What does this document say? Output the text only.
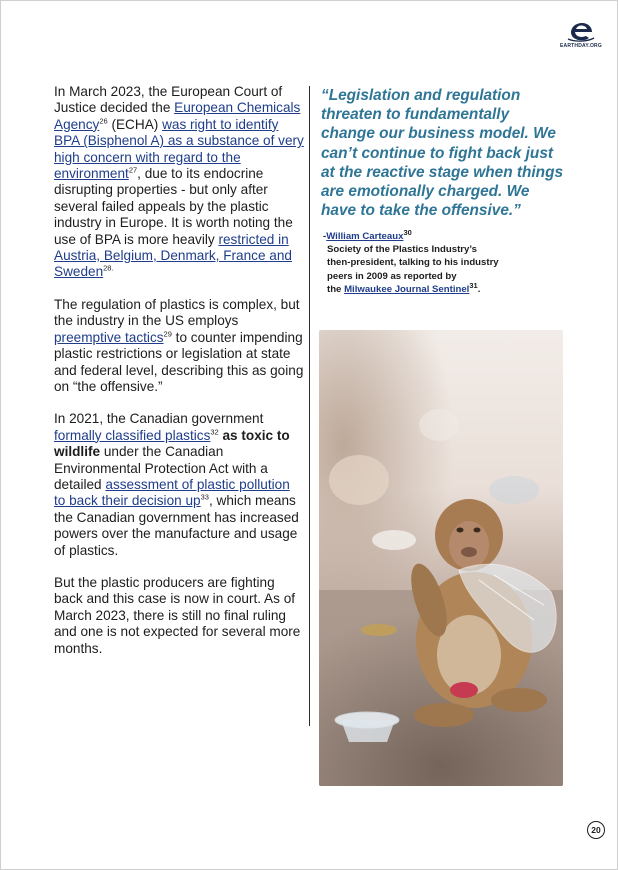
EARTHDAY.ORG

In March 2023, the European Court of Justice decided the European Chemicals Agency$^{26}$ (ECHA) was right to identify BPA (Bisphenol A) as a substance of very high concern with regard to the environment$^{27}$, due to its endocrine disrupting properties - but only after several failed appeals by the plastic industry in Europe. It is worth noting the use of BPA is more heavily restricted in Austria, Belgium, Denmark, France and Sweden$^{28.}$

The regulation of plastics is complex, but the industry in the US employs preemptive tactics$^{29}$ to counter impending plastic restrictions or legislation at state and federal level, describing this as going on “the offensive.”

In 2021, the Canadian government formally classified plastics$^{32}$ as toxic to wildlife under the Canadian Environmental Protection Act with a detailed assessment of plastic pollution to back their decision $up^{33}$, which means the Canadian government has increased powers over the manufacture and usage of plastics.

But the plastic producers are fighting back and this case is now in court. As of March 2023, there is still no final ruling and one is not expected for several more months.

“Legislation and regulation threaten to fundamentally change our business model. We can’t continue to fight back just at the reactive stage when things are emotionally charged. We have to take the offensive.”
-William Carteaux$^{30}$
Society of the Plastics Industry’s
then-president, talking to his industry
peers in 2009 as reported by
the Milwaukee Journal Sentinel$^{31}$.
20
